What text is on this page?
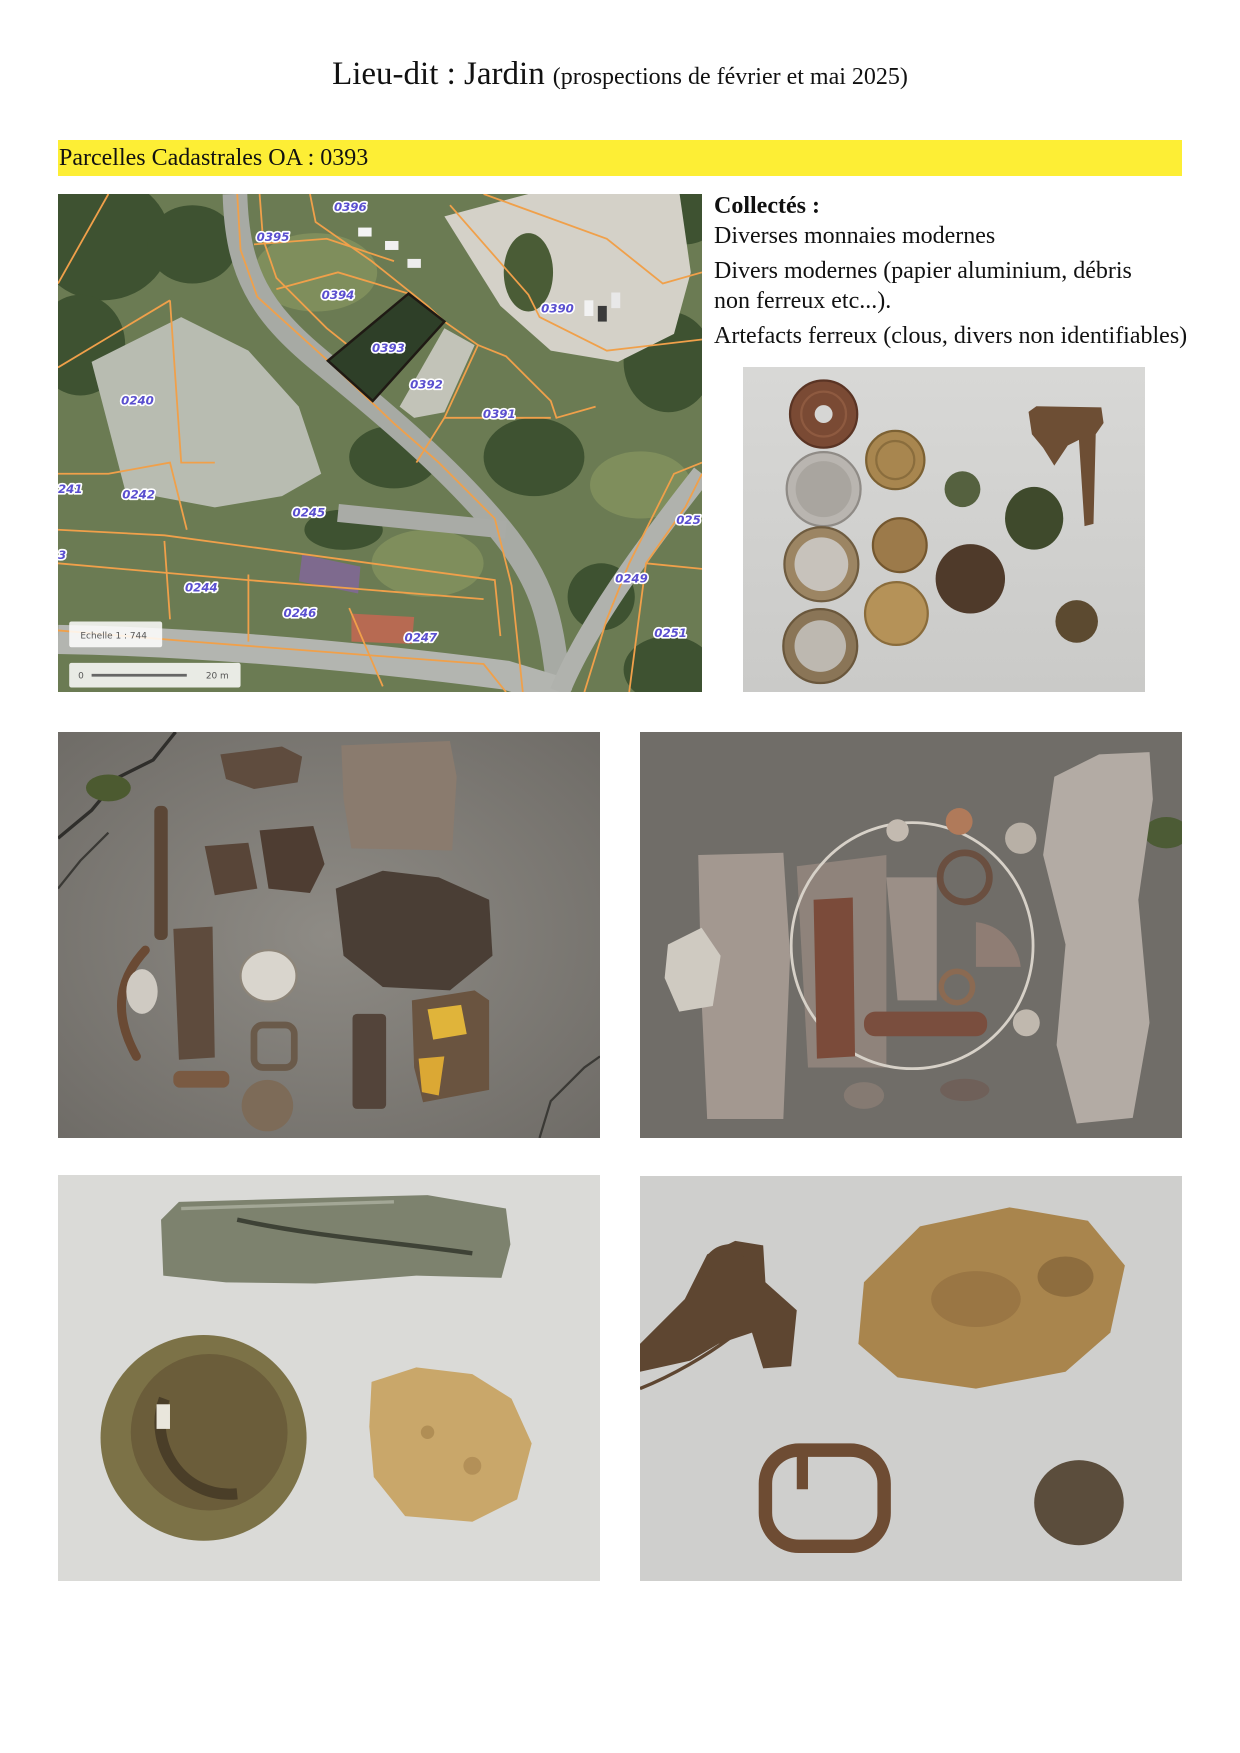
Lieu-dit : Jardin (prospections de février et mai 2025)
Parcelles Cadastrales OA : 0393
0396
0395
0394
0390
0393
0392
0391
0240
241	0242
0245
025
3
0244
0249
0246
0247	0251
Echelle 1 : 744
0	20 m
Collectés :
Diverses monnaies modernes
Divers modernes (papier aluminium, débris
non ferreux etc...).
Artefacts ferreux (clous, divers non identifiables)
